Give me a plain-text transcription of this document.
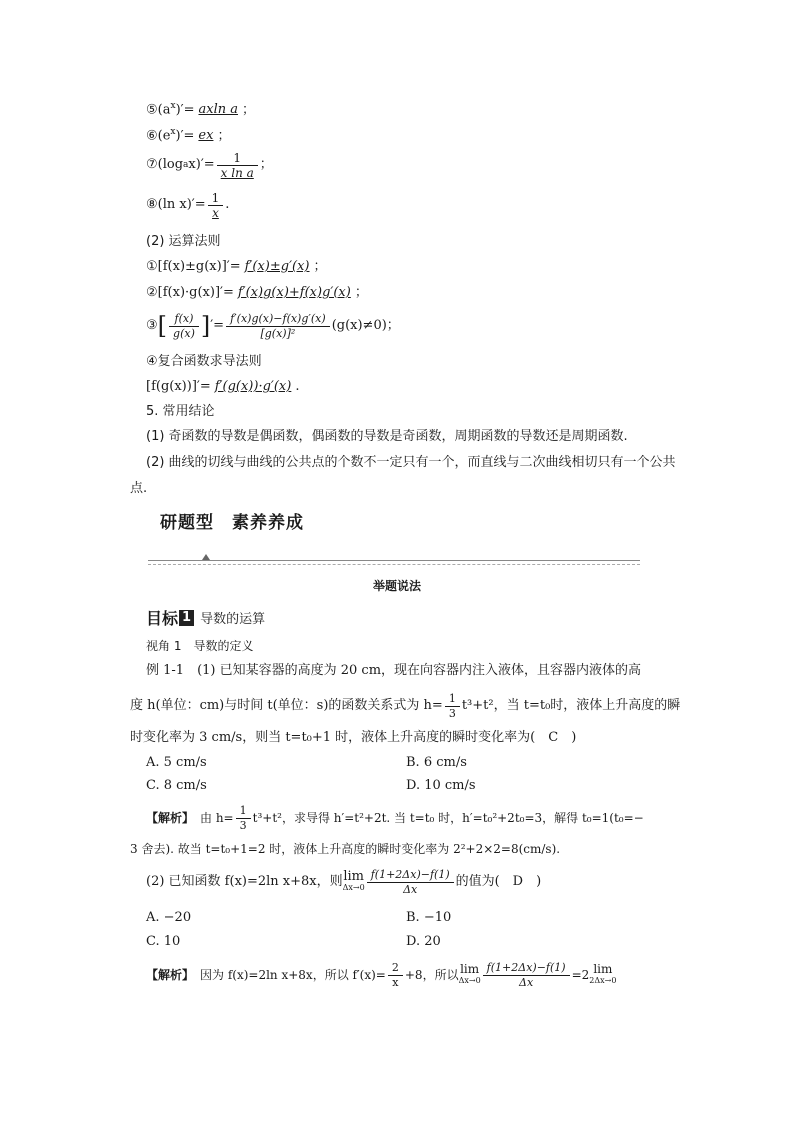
$⑤(a^x)'= axln$ a ；
$⑥(e^x)'=$ ex ；
⑦(log a $x)'= \frac{1}{\text{x ln a}}$ ；
⑧(ln $x)'= \frac{1}{x}$ .
(2) 运算法则
①[f(x)±g(x)]′= f′(x)±g′(x) ；
②[f(x)·g(x)]′= f′(x)g(x)+f(x)g′(x) ；
③ [ $\frac{f(x)}{g(x)}$ ] ′= $\frac{f'(x)g(x)-f(x)g'(x)}{\text{[g(x)]²}} (g(x)\ne 0)$；
④复合函数求导法则
[f(g(x))]′= f′(g(x))·g′(x) .
5. 常用结论
(1) 奇函数的导数是偶函数，偶函数的导数是奇函数，周期函数的导数还是周期函数.
(2) 曲线的切线与曲线的公共点的个数不一定只有一个，而直线与二次曲线相切只有一个公共点.
研题型　素养养成
举题说法
目标 1 导数的运算
视角 1　导数的定义
例 1-1　(1) 已知某容器的高度为 20 cm，现在向容器内注入液体，且容器内液体的高
度 h(单位：cm)与时间 t(单位：s)的函数关系式为 $h= \frac{1}{3} t^3+t^2$，当 t=t₀时，液体上升高度的瞬
时变化率为 3 cm/s，则当 t=t₀+1 时，液体上升高度的瞬时变化率为(　C　)
A. 5 cm/s	B. 6 cm/s
C. 8 cm/s	D. 10 cm/s
【解析】 由 $h= \frac{1}{3} t^3+t^2$，求导得 h′=t²+2t. 当 t=t₀ 时，h′=t₀²+2t₀=3，解得 t₀=1(t₀=−
3 舍去). 故当 t=t₀+1=2 时，液体上升高度的瞬时变化率为 2²+2×2=8(cm/s).
(2) 已知函数 f(x)=2ln x+8x，则 lim
$\Delta x\to 0 \frac{f(1+2\Delta x)-f(1)}{\Delta x}$ 的值为(　D　)
A. −20	B. −10
C. 10	D. 20
【解析】 因为 f(x)=2ln x+8x，所以 $f'(x)= \frac{2}{x} +8$，所以 lim
$\Delta x\to 0 \frac{f(1+2\Delta x)-f(1)}{\Delta x} =2$ lim
2Δx→0
